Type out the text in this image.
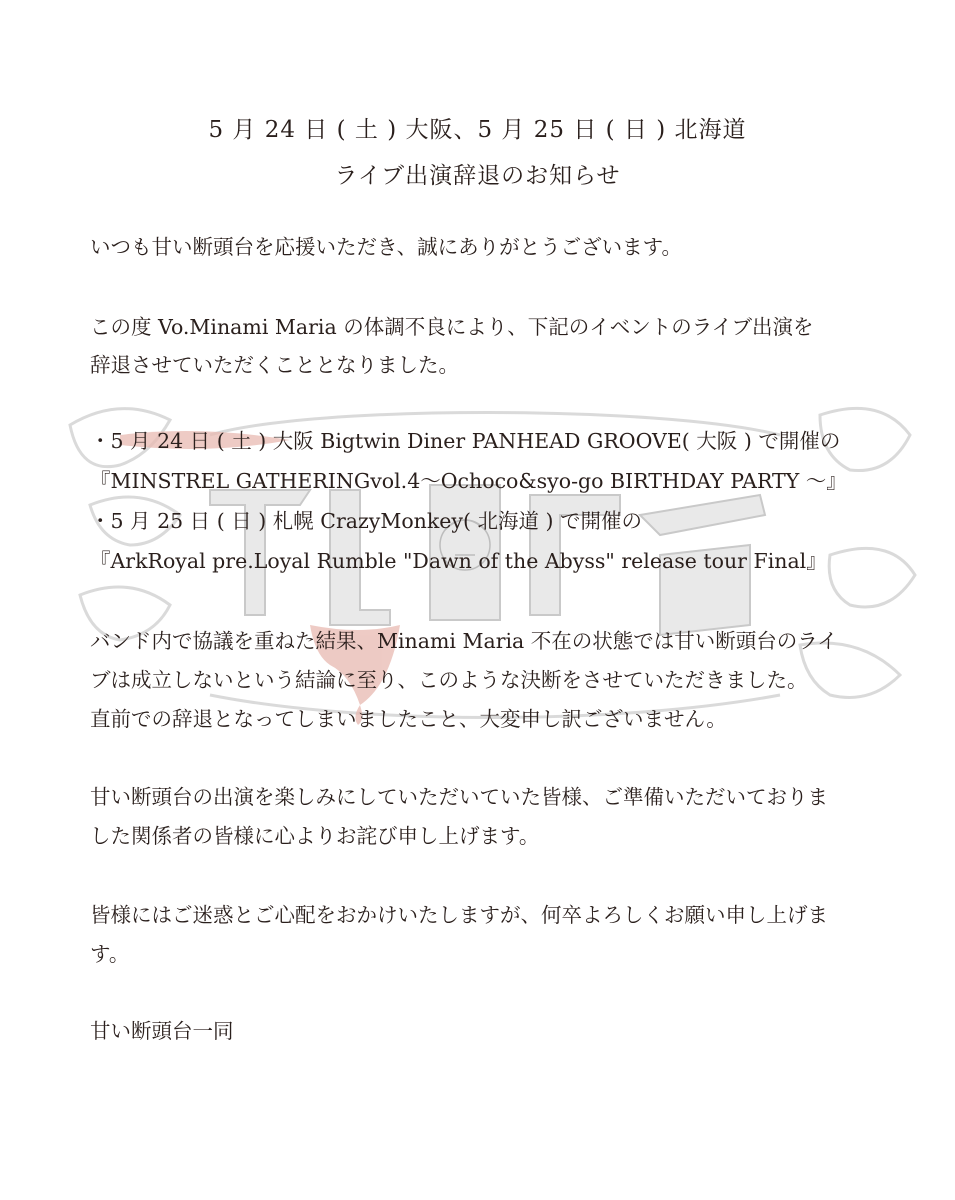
5 月 24 日 ( 土 ) 大阪、5 月 25 日 ( 日 ) 北海道
ライブ出演辞退のお知らせ
いつも甘い断頭台を応援いただき、誠にありがとうございます。
この度 Vo.Minami Maria の体調不良により、下記のイベントのライブ出演を
辞退させていただくこととなりました。
・5 月 24 日 ( 土 ) 大阪 Bigtwin Diner PANHEAD GROOVE( 大阪 ) で開催の
『MINSTREL GATHERINGvol.4〜Ochoco&syo-go BIRTHDAY PARTY 〜』
・5 月 25 日 ( 日 ) 札幌 CrazyMonkey( 北海道 ) で開催の
『ArkRoyal pre.Loyal Rumble "Dawn of the Abyss" release tour Final』
バンド内で協議を重ねた結果、Minami Maria 不在の状態では甘い断頭台のライ
ブは成立しないという結論に至り、このような決断をさせていただきました。
直前での辞退となってしまいましたこと、大変申し訳ございません。
甘い断頭台の出演を楽しみにしていただいていた皆様、ご準備いただいておりま
した関係者の皆様に心よりお詫び申し上げます。
皆様にはご迷惑とご心配をおかけいたしますが、何卒よろしくお願い申し上げま
す。
甘い断頭台一同
